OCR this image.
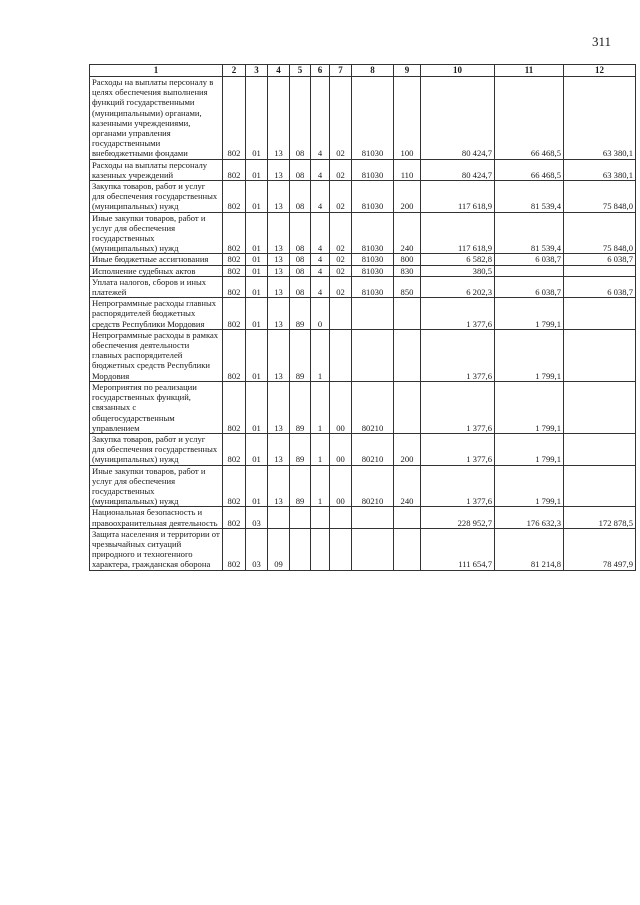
311
1	2	3	4	5	6	7	8	9	10	11	12
Расходы на выплаты персоналу в целях обеспечения выполнения функций государственными (муниципальными) органами, казенными учреждениями, органами управления государственными внебюджетными фондами	802	01	13	08	4	02	81030	100	80 424,7	66 468,5	63 380,1
Расходы на выплаты персоналу казенных учреждений	802	01	13	08	4	02	81030	110	80 424,7	66 468,5	63 380,1
Закупка товаров, работ и услуг для обеспечения государственных (муниципальных) нужд	802	01	13	08	4	02	81030	200	117 618,9	81 539,4	75 848,0
Иные закупки товаров, работ и услуг для обеспечения государственных (муниципальных) нужд	802	01	13	08	4	02	81030	240	117 618,9	81 539,4	75 848,0
Иные бюджетные ассигнования	802	01	13	08	4	02	81030	800	6 582,8	6 038,7	6 038,7
Исполнение судебных актов	802	01	13	08	4	02	81030	830	380,5		
Уплата налогов, сборов и иных платежей	802	01	13	08	4	02	81030	850	6 202,3	6 038,7	6 038,7
Непрограммные расходы главных распорядителей бюджетных средств Республики Мордовия	802	01	13	89	0				1 377,6	1 799,1	
Непрограммные расходы в рамках обеспечения деятельности главных распорядителей бюджетных средств Республики Мордовия	802	01	13	89	1				1 377,6	1 799,1	
Мероприятия по реализации государственных функций, связанных с общегосударственным управлением	802	01	13	89	1	00	80210		1 377,6	1 799,1	
Закупка товаров, работ и услуг для обеспечения государственных (муниципальных) нужд	802	01	13	89	1	00	80210	200	1 377,6	1 799,1	
Иные закупки товаров, работ и услуг для обеспечения государственных (муниципальных) нужд	802	01	13	89	1	00	80210	240	1 377,6	1 799,1	
Национальная безопасность и правоохранительная деятельность	802	03							228 952,7	176 632,3	172 878,5
Защита населения и территории от чрезвычайных ситуаций природного и техногенного характера, гражданская оборона	802	03	09						111 654,7	81 214,8	78 497,9
